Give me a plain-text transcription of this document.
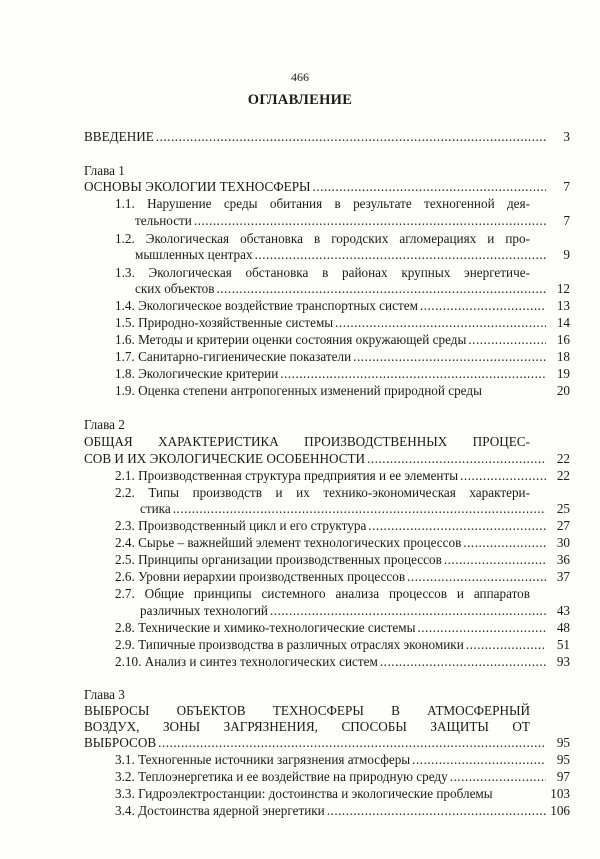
466
ОГЛАВЛЕНИЕ
ВВЕДЕНИЕ .....	3
Глава 1
ОСНОВЫ ЭКОЛОГИИ ТЕХНОСФЕРЫ .....	7
1.1. Нарушение среды обитания в результате техногенной дея-
тельности .....	7
1.2. Экологическая обстановка в городских агломерациях и про-
мышленных центрах .....	9
1.3. Экологическая обстановка в районах крупных энергетиче-
ских объектов .....	12
1.4. Экологическое воздействие транспортных систем .....	13
1.5. Природно-хозяйственные системы .....	14
1.6. Методы и критерии оценки состояния окружающей среды .....	16
1.7. Санитарно-гигиенические показатели .....	18
1.8. Экологические критерии .....	19
1.9. Оценка степени антропогенных изменений природной среды	20
Глава 2
ОБЩАЯ ХАРАКТЕРИСТИКА ПРОИЗВОДСТВЕННЫХ ПРОЦЕС-
СОВ И ИХ ЭКОЛОГИЧЕСКИЕ ОСОБЕННОСТИ .....	22
2.1. Производственная структура предприятия и ее элементы .....	22
2.2. Типы производств и их технико-экономическая характери-
стика .....	25
2.3. Производственный цикл и его структура .....	27
2.4. Сырье – важнейший элемент технологических процессов .....	30
2.5. Принципы организации производственных процессов .....	36
2.6. Уровни иерархии производственных процессов .....	37
2.7. Общие принципы системного анализа процессов и аппаратов
различных технологий .....	43
2.8. Технические и химико-технологические системы .....	48
2.9. Типичные производства в различных отраслях экономики .....	51
2.10. Анализ и синтез технологических систем .....	93
Глава 3
ВЫБРОСЫ ОБЪЕКТОВ ТЕХНОСФЕРЫ В АТМОСФЕРНЫЙ
ВОЗДУХ, ЗОНЫ ЗАГРЯЗНЕНИЯ, СПОСОБЫ ЗАЩИТЫ ОТ
ВЫБРОСОВ .....	95
3.1. Техногенные источники загрязнения атмосферы .....	95
3.2. Теплоэнергетика и ее воздействие на природную среду .....	97
3.3. Гидроэлектростанции: достоинства и экологические проблемы	103
3.4. Достоинства ядерной энергетики .....	106
